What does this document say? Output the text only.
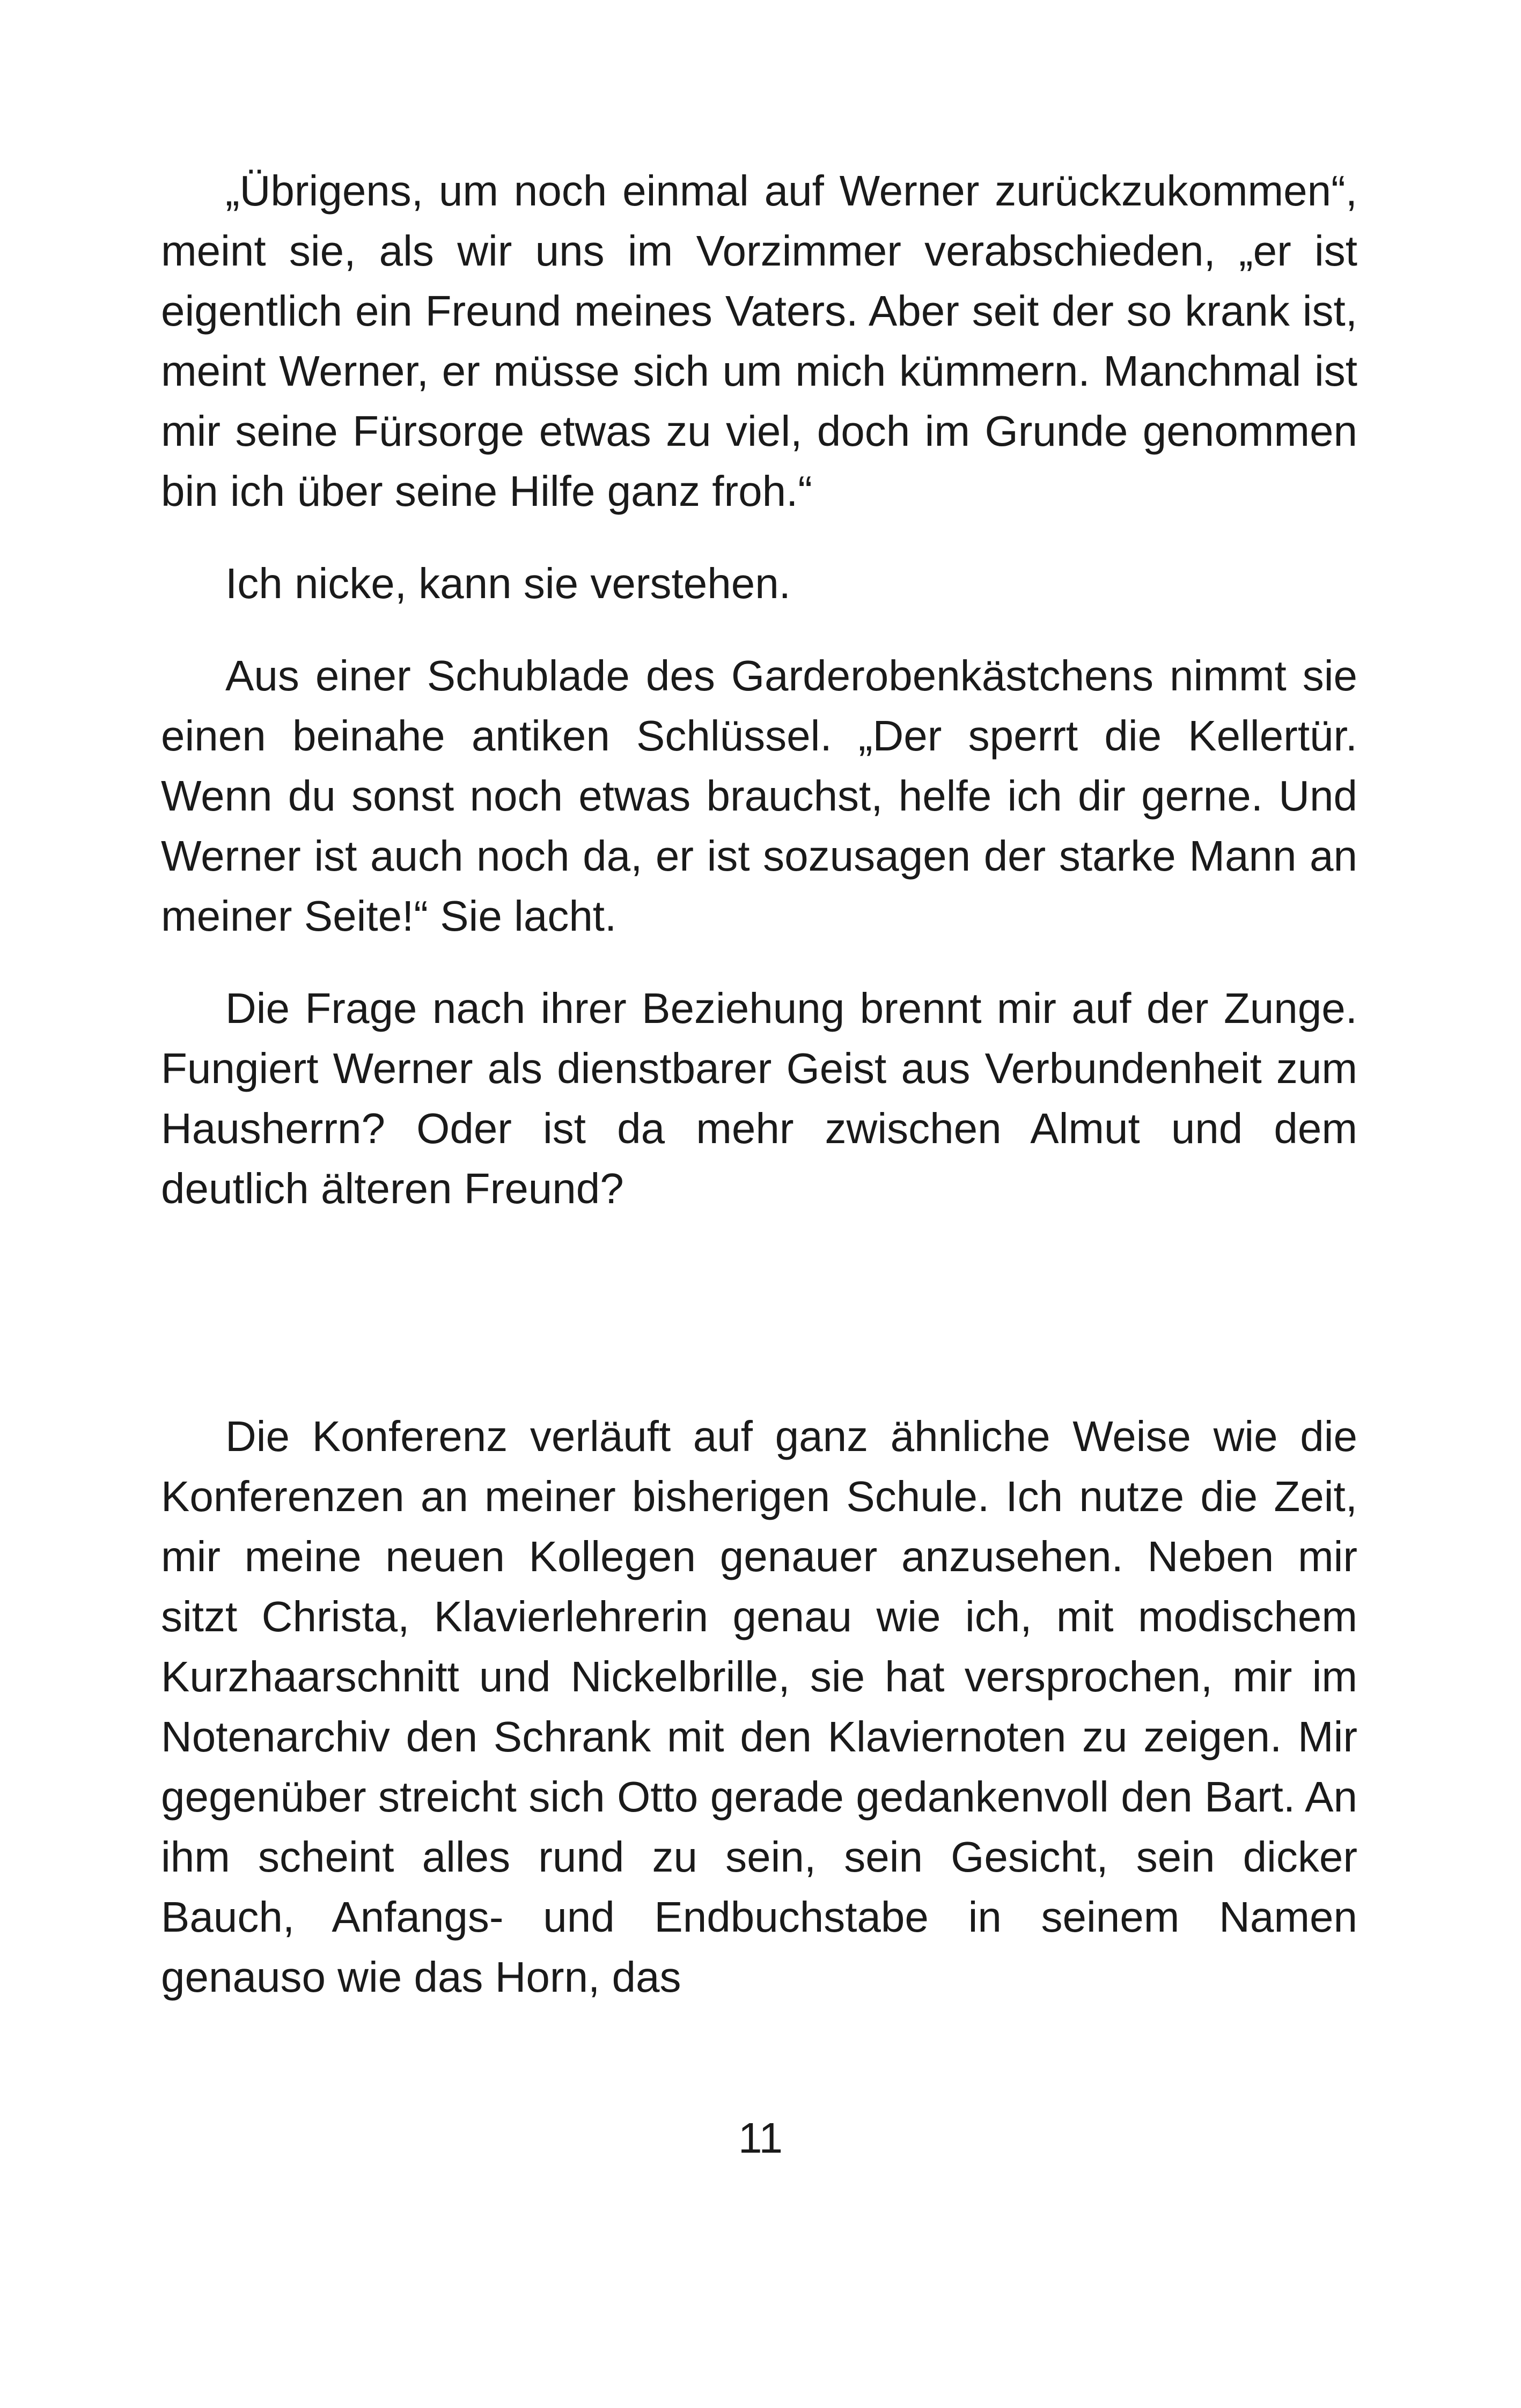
„Übrigens, um noch einmal auf Werner zurückzukommen“, meint sie, als wir uns im Vorzimmer verabschieden, „er ist eigentlich ein Freund meines Vaters. Aber seit der so krank ist, meint Werner, er müsse sich um mich kümmern. Manchmal ist mir seine Fürsorge etwas zu viel, doch im Grunde genommen bin ich über seine Hilfe ganz froh.“

Ich nicke, kann sie verstehen.

Aus einer Schublade des Garderobenkästchens nimmt sie einen beinahe antiken Schlüssel. „Der sperrt die Kellertür. Wenn du sonst noch etwas brauchst, helfe ich dir gerne. Und Werner ist auch noch da, er ist sozusagen der starke Mann an meiner Seite!“ Sie lacht.

Die Frage nach ihrer Beziehung brennt mir auf der Zunge. Fungiert Werner als dienstbarer Geist aus Verbundenheit zum Hausherrn? Oder ist da mehr zwischen Almut und dem deutlich älteren Freund?

Die Konferenz verläuft auf ganz ähnliche Weise wie die Konferenzen an meiner bisherigen Schule. Ich nutze die Zeit, mir meine neuen Kollegen genauer anzusehen. Neben mir sitzt Christa, Klavierlehrerin genau wie ich, mit modischem Kurzhaarschnitt und Nickelbrille, sie hat versprochen, mir im Notenarchiv den Schrank mit den Klaviernoten zu zeigen. Mir gegenüber streicht sich Otto gerade gedankenvoll den Bart. An ihm scheint alles rund zu sein, sein Gesicht, sein dicker Bauch, Anfangs- und Endbuchstabe in seinem Namen genauso wie das Horn, das

11
